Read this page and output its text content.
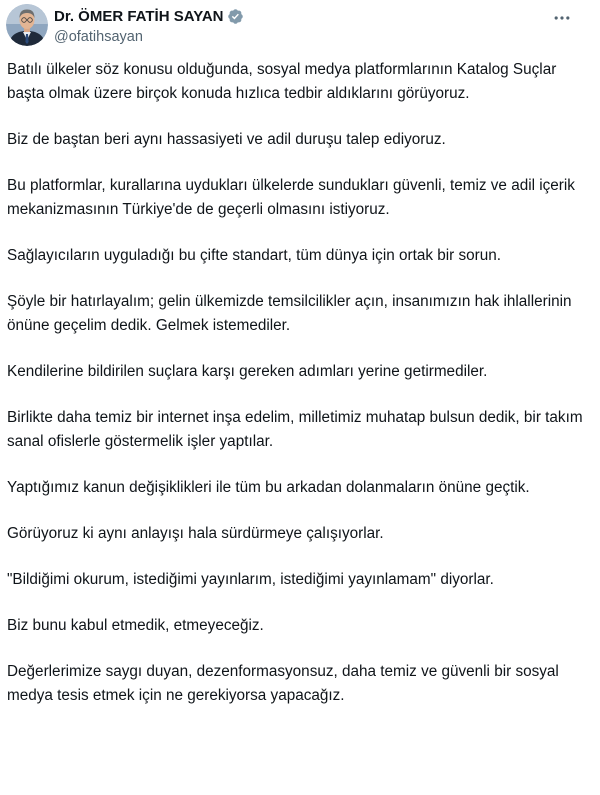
Dr. ÖMER FATİH SAYAN
@ofatihsayan

Batılı ülkeler söz konusu olduğunda, sosyal medya platformlarının Katalog Suçlar başta olmak üzere birçok konuda hızlıca tedbir aldıklarını görüyoruz.

Biz de baştan beri aynı hassasiyeti ve adil duruşu talep ediyoruz.

Bu platformlar, kurallarına uydukları ülkelerde sundukları güvenli, temiz ve adil içerik mekanizmasının Türkiye'de de geçerli olmasını istiyoruz.

Sağlayıcıların uyguladığı bu çifte standart, tüm dünya için ortak bir sorun.

Şöyle bir hatırlayalım; gelin ülkemizde temsilcilikler açın, insanımızın hak ihlallerinin önüne geçelim dedik. Gelmek istemediler.

Kendilerine bildirilen suçlara karşı gereken adımları yerine getirmediler.

Birlikte daha temiz bir internet inşa edelim, milletimiz muhatap bulsun dedik, bir takım sanal ofislerle göstermelik işler yaptılar.

Yaptığımız kanun değişiklikleri ile tüm bu arkadan dolanmaların önüne geçtik.

Görüyoruz ki aynı anlayışı hala sürdürmeye çalışıyorlar.

"Bildiğimi okurum, istediğimi yayınlarım, istediğimi yayınlamam" diyorlar.

Biz bunu kabul etmedik, etmeyeceğiz.

Değerlerimize saygı duyan, dezenformasyonsuz, daha temiz ve güvenli bir sosyal medya tesis etmek için ne gerekiyorsa yapacağız.
